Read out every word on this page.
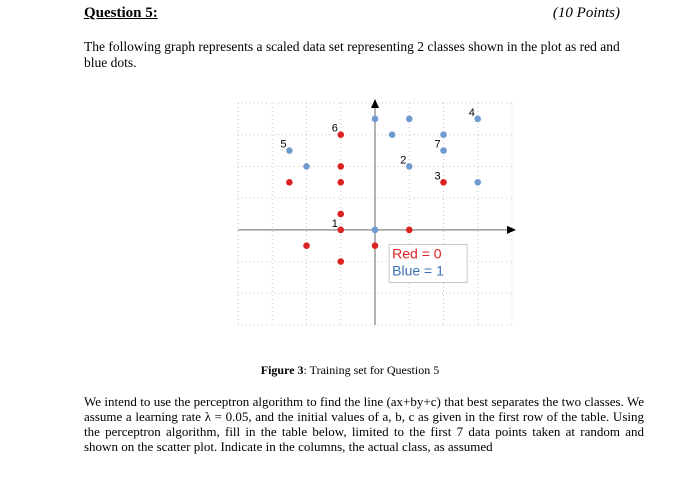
Question 5:	(10 Points)
The following graph represents a scaled data set representing 2 classes shown in the plot as red and blue dots.
5
6
1
2
7
4
3
Red = 0
Blue = 1
Figure 3: Training set for Question 5
We intend to use the perceptron algorithm to find the line (ax+by+c) that best separates the two classes. We assume a learning rate λ = 0.05, and the initial values of a, b, c as given in the first row of the table. Using the perceptron algorithm, fill in the table below, limited to the first 7 data points taken at random and shown on the scatter plot. Indicate in the columns, the actual class, as assumed
